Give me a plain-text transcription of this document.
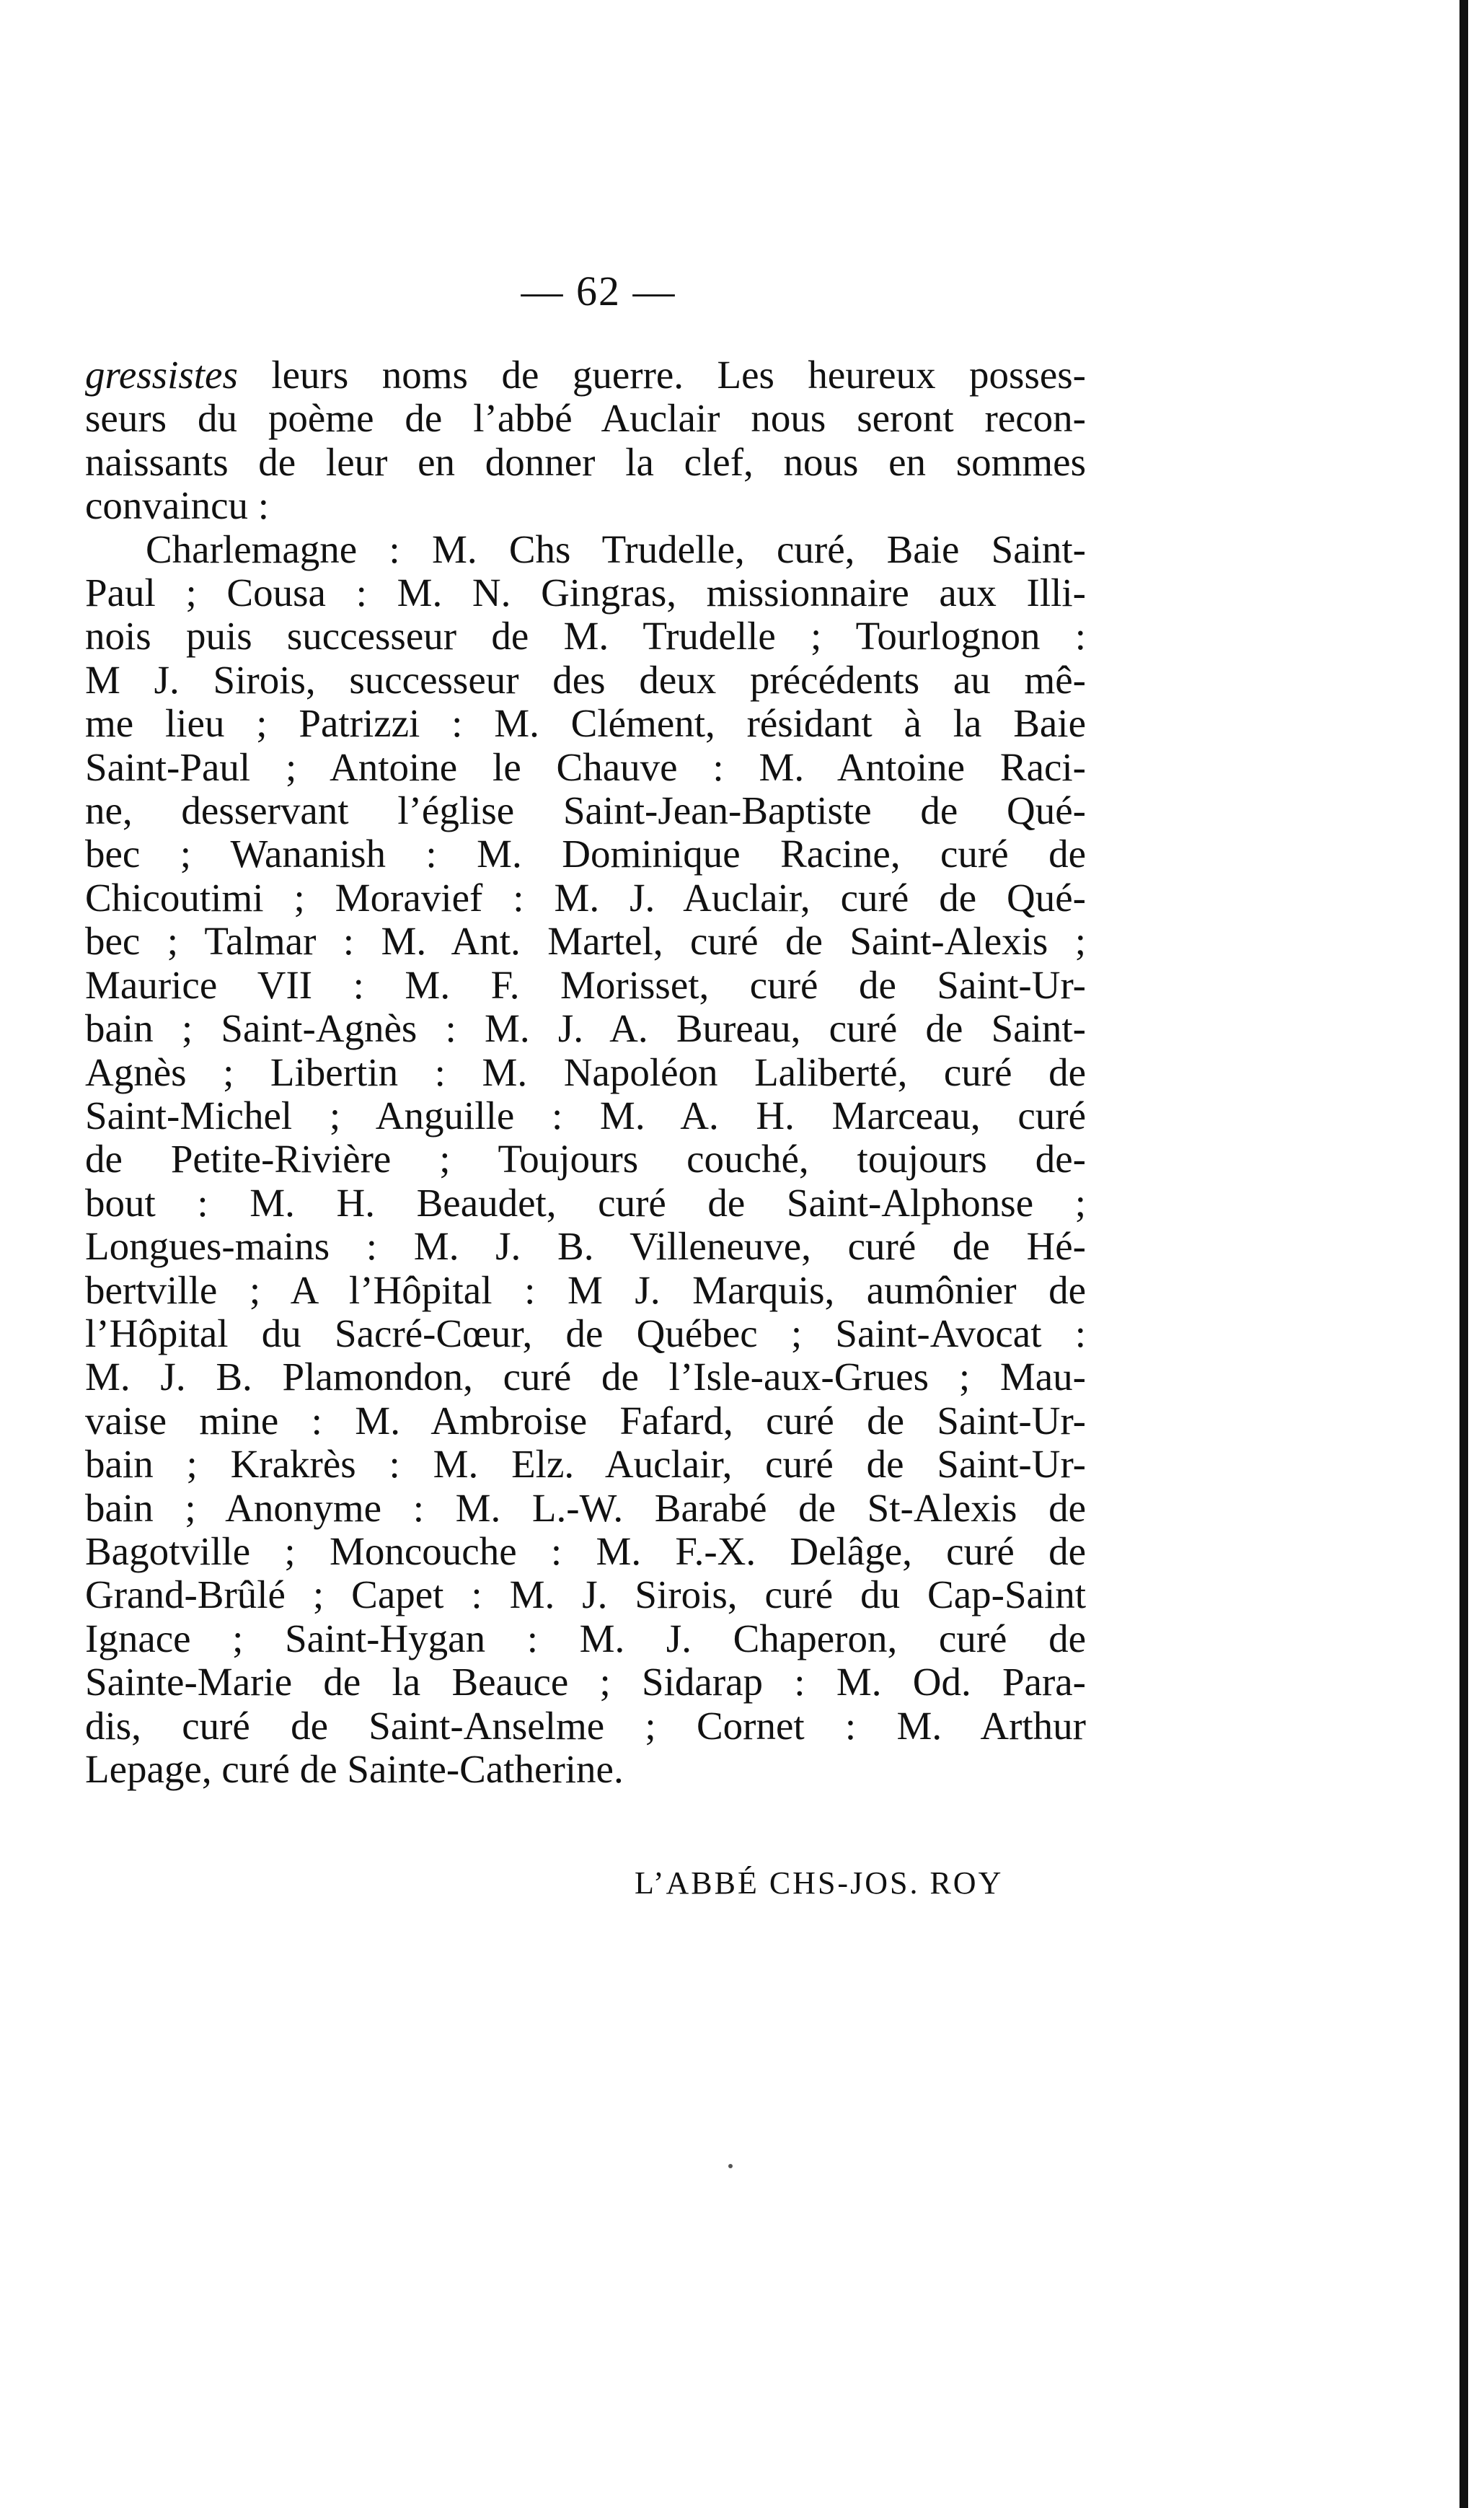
— 62 —
gressistes leurs noms de guerre. Les heureux posses-
seurs du poème de l’abbé Auclair nous seront recon-
naissants de leur en donner la clef, nous en sommes
convaincu :
Charlemagne : M. Chs Trudelle, curé, Baie Saint-
Paul ; Cousa : M. N. Gingras, missionnaire aux Illi-
nois puis successeur de M. Trudelle ; Tourlognon :
M J. Sirois, successeur des deux précédents au mê-
me lieu ; Patrizzi : M. Clément, résidant à la Baie
Saint-Paul ; Antoine le Chauve : M. Antoine Raci-
ne, desservant l’église Saint-Jean-Baptiste de Qué-
bec ; Wananish : M. Dominique Racine, curé de
Chicoutimi ; Moravief : M. J. Auclair, curé de Qué-
bec ; Talmar : M. Ant. Martel, curé de Saint-Alexis ;
Maurice VII : M. F. Morisset, curé de Saint-Ur-
bain ; Saint-Agnès : M. J. A. Bureau, curé de Saint-
Agnès ; Libertin : M. Napoléon Laliberté, curé de
Saint-Michel ; Anguille : M. A. H. Marceau, curé
de Petite-Rivière ; Toujours couché, toujours de-
bout : M. H. Beaudet, curé de Saint-Alphonse ;
Longues-mains : M. J. B. Villeneuve, curé de Hé-
bertville ; A l’Hôpital : M J. Marquis, aumônier de
l’Hôpital du Sacré-Cœur, de Québec ; Saint-Avocat :
M. J. B. Plamondon, curé de l’Isle-aux-Grues ; Mau-
vaise mine : M. Ambroise Fafard, curé de Saint-Ur-
bain ; Krakrès : M. Elz. Auclair, curé de Saint-Ur-
bain ; Anonyme : M. L.-W. Barabé de St-Alexis de
Bagotville ; Moncouche : M. F.-X. Delâge, curé de
Grand-Brûlé ; Capet : M. J. Sirois, curé du Cap-Saint
Ignace ; Saint-Hygan : M. J. Chaperon, curé de
Sainte-Marie de la Beauce ; Sidarap : M. Od. Para-
dis, curé de Saint-Anselme ; Cornet : M. Arthur
Lepage, curé de Sainte-Catherine.
L’ABBÉ CHS-JOS. ROY
